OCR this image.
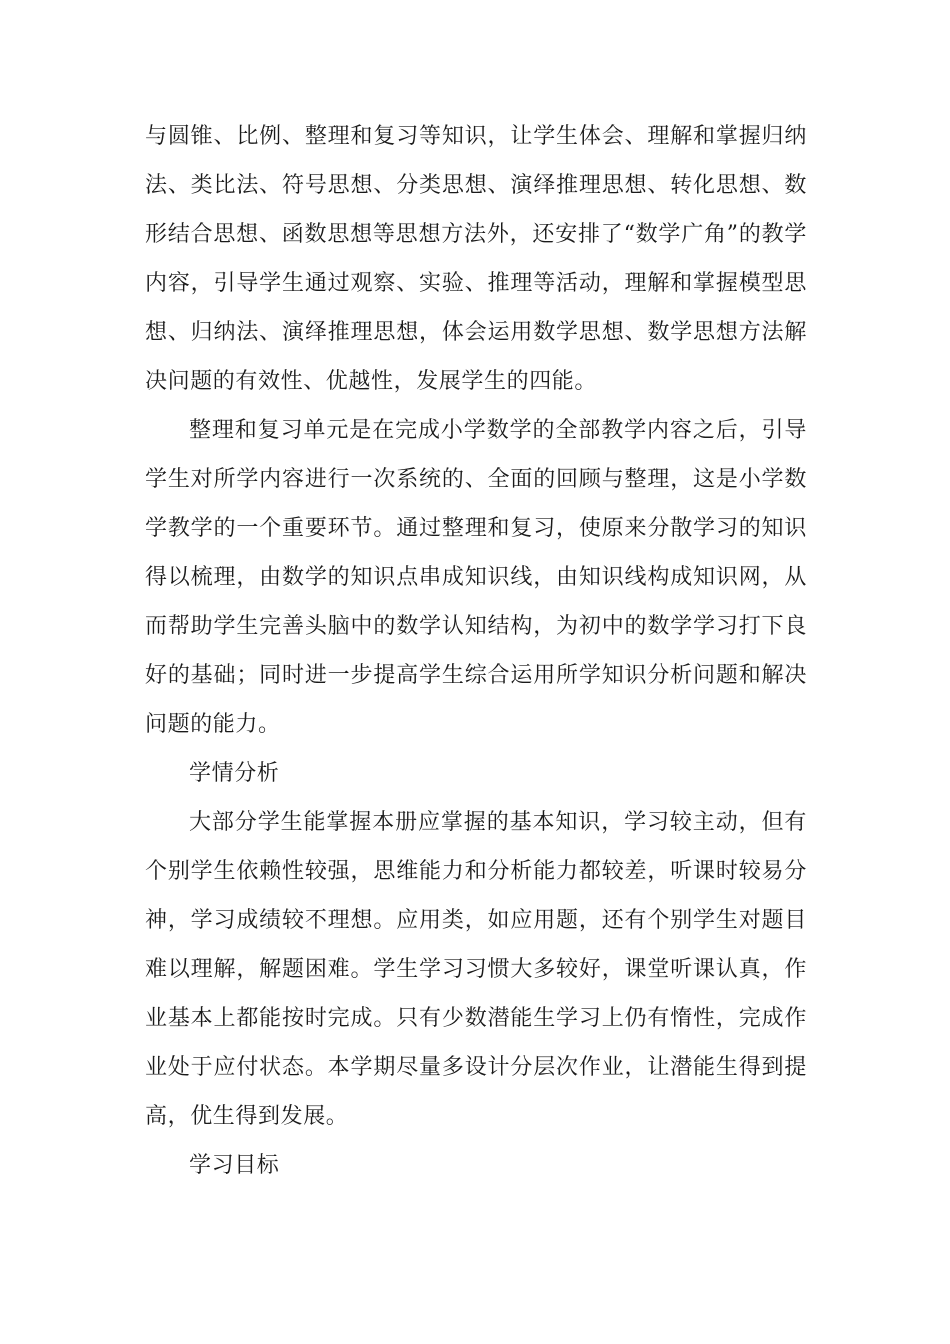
与圆锥、比例、整理和复习等知识，让学生体会、理解和掌握归纳法、类比法、符号思想、分类思想、演绎推理思想、转化思想、数形结合思想、函数思想等思想方法外，还安排了“数学广角”的教学内容，引导学生通过观察、实验、推理等活动，理解和掌握模型思想、归纳法、演绎推理思想，体会运用数学思想、数学思想方法解决问题的有效性、优越性，发展学生的四能。

整理和复习单元是在完成小学数学的全部教学内容之后，引导学生对所学内容进行一次系统的、全面的回顾与整理，这是小学数学教学的一个重要环节。通过整理和复习，使原来分散学习的知识得以梳理，由数学的知识点串成知识线，由知识线构成知识网，从而帮助学生完善头脑中的数学认知结构，为初中的数学学习打下良好的基础；同时进一步提高学生综合运用所学知识分析问题和解决问题的能力。

学情分析

大部分学生能掌握本册应掌握的基本知识，学习较主动，但有个别学生依赖性较强，思维能力和分析能力都较差，听课时较易分神，学习成绩较不理想。应用类，如应用题，还有个别学生对题目难以理解，解题困难。学生学习习惯大多较好，课堂听课认真，作业基本上都能按时完成。只有少数潜能生学习上仍有惰性，完成作业处于应付状态。本学期尽量多设计分层次作业，让潜能生得到提高，优生得到发展。

学习目标
